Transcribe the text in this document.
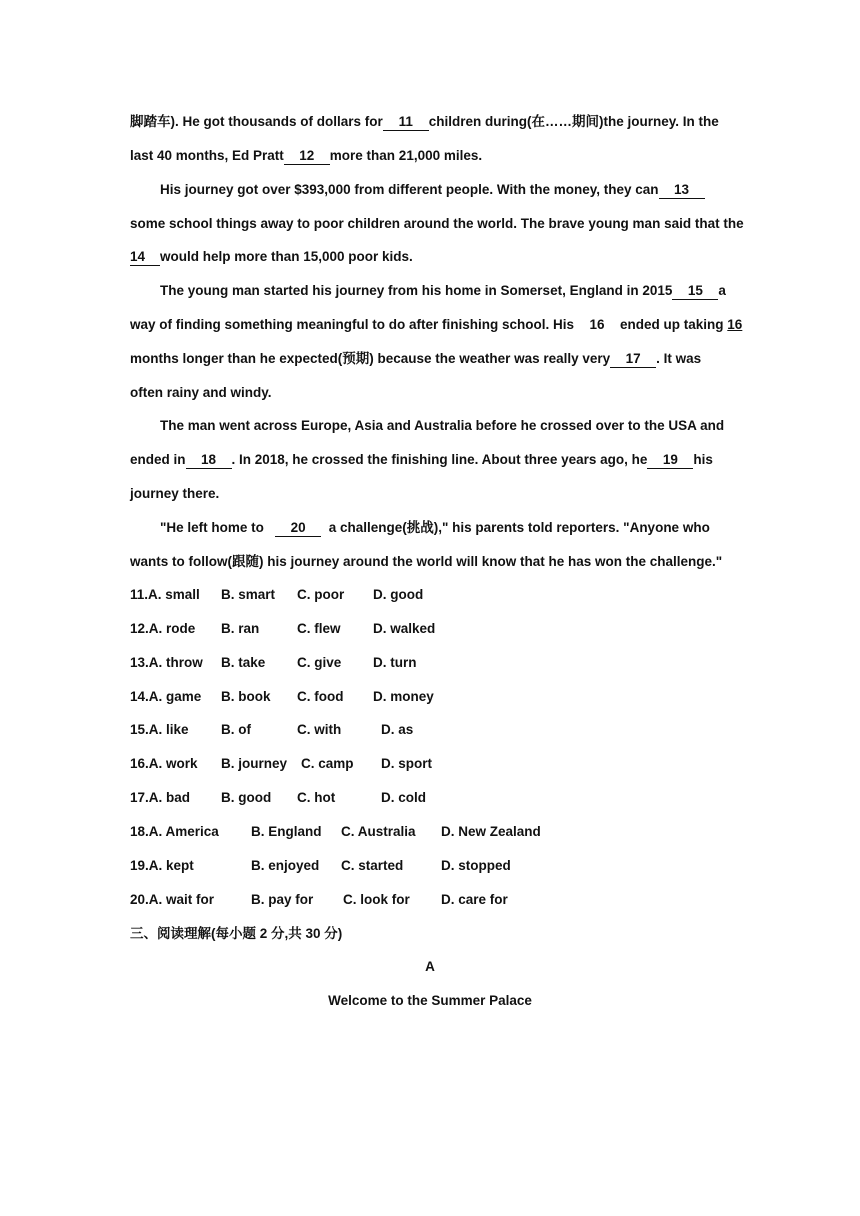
脚踏车). He got thousands of dollars for 11 children during(在……期间)the journey. In the
last 40 months, Ed Pratt 12 more than 21,000 miles.
His journey got over $393,000 from different people. With the money, they can 13
some school things away to poor children around the world. The brave young man said that the
14 would help more than 15,000 poor kids.
The young man started his journey from his home in Somerset, England in 2015 15 a
way of finding something meaningful to do after finishing school. His 16 ended up taking 16
months longer than he expected(预期) because the weather was really very 17 . It was
often rainy and windy.
The man went across Europe, Asia and Australia before he crossed over to the USA and
ended in 18 . In 2018, he crossed the finishing line. About three years ago, he 19 his
journey there.
"He left home to 20 a challenge(挑战)," his parents told reporters. "Anyone who
wants to follow(跟随) his journey around the world will know that he has won the challenge."
11.A. small B. smart C. poor D. good
12.A. rode B. ran	C. flew D. walked
13.A. throw B. take C. give D. turn
14.A. game B. book C. food D. money
15.A. like B. of	C. with	D. as
16.A. work B. journey C. camp D. sport
17.A. bad B. good C. hot	D. cold
18.A. America B. England C. Australia D. New Zealand
19.A. kept	B. enjoyed C. started	D. stopped
20.A. wait for	B. pay for C. look for D. care for
三、阅读理解(每小题 2 分,共 30 分)
A
Welcome to the Summer Palace
